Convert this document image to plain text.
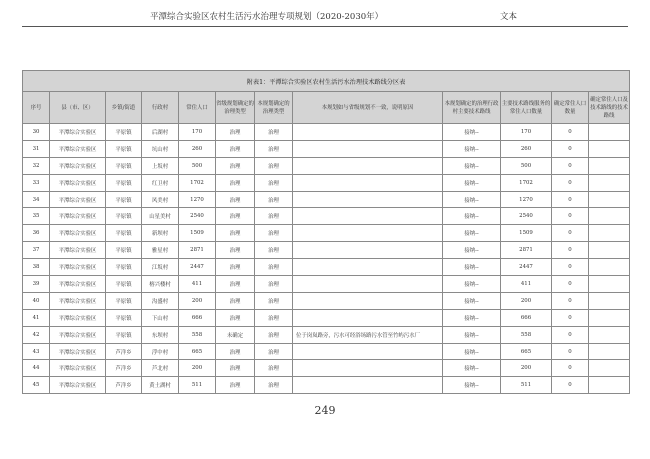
平潭综合实验区农村生活污水治理专项规划（2020-2030年）	文本
附表1：平潭综合实验区农村生活污水治理技术路线分区表											
序号	县（市、区）	乡镇/街道	行政村	常住人口	省级规划确定的治理类型	本规划确定的治理类型	本规划如与省级规划不一致，说明原因	本规划确定的治理行政村主要技术路线	主要技术路线服务的常住人口数量	确定常住人口数量	确定常住人口及技术路线的技术路线
30	平潭综合实验区	平原镇	后湖村	170	治理	治理		接纳--	170	0	
31	平潭综合实验区	平原镇	坑山村	260	治理	治理		接纳--	260	0	
32	平潭综合实验区	平原镇	上坂村	500	治理	治理		接纳--	500	0	
33	平潭综合实验区	平原镇	红卫村	1702	治理	治理		接纳--	1702	0	
34	平潭综合实验区	平原镇	风美村	1270	治理	治理		接纳--	1270	0	
35	平潭综合实验区	平原镇	山星美村	2540	治理	治理		接纳--	2540	0	
36	平潭综合实验区	平原镇	新坝村	1509	治理	治理		接纳--	1509	0	
37	平潭综合实验区	平原镇	雅星村	2871	治理	治理		接纳--	2871	0	
38	平潭综合实验区	平原镇	江坂村	2447	治理	治理		接纳--	2447	0	
39	平潭综合实验区	平原镇	榕兴楼村	411	治理	治理		接纳--	411	0	
40	平潭综合实验区	平原镇	沟盛村	200	治理	治理		接纳--	200	0	
41	平潭综合实验区	平原镇	下山村	666	治理	治理		接纳--	666	0	
42	平潭综合实验区	平原镇	东坝村	558	未确定	治理	位于岗岚路旁，污水可经浴场路污水管至竹屿污水厂	接纳--	558	0	
43	平潭综合实验区	芦洋乡	浮中村	665	治理	治理		接纳--	665	0	
44	平潭综合实验区	芦洋乡	芦北村	200	治理	治理		接纳--	200	0	
45	平潭综合实验区	芦洋乡	黄土湖村	511	治理	治理		接纳--	511	0	
249
